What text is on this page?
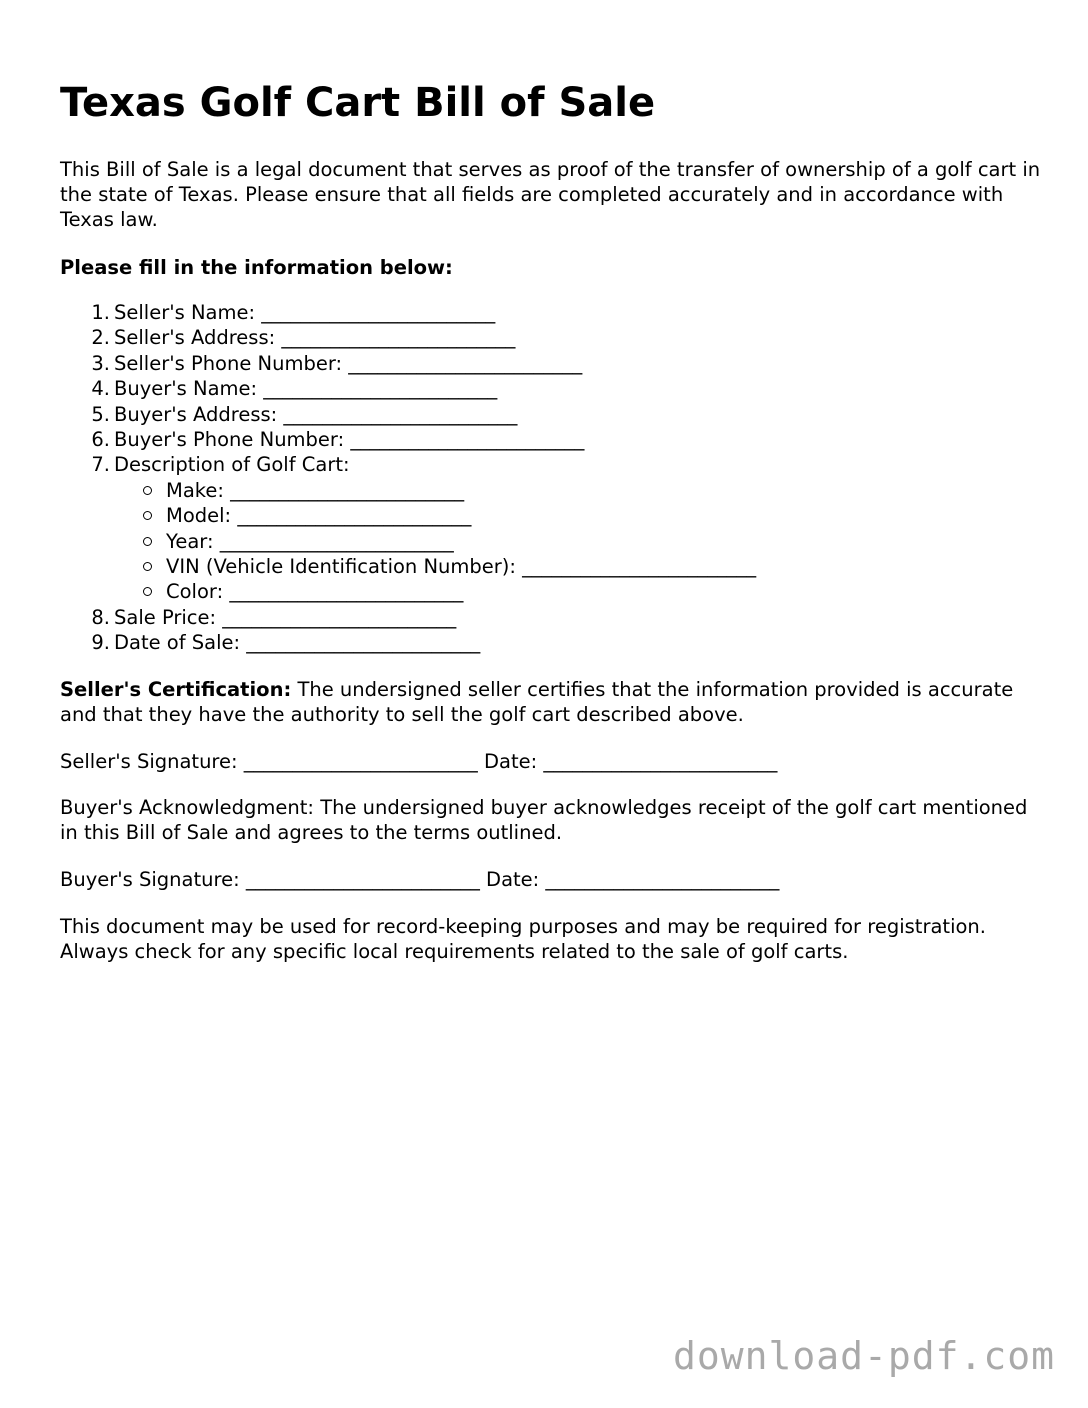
Texas Golf Cart Bill of Sale

This Bill of Sale is a legal document that serves as proof of the transfer of ownership of a golf cart in the state of Texas. Please ensure that all fields are completed accurately and in accordance with Texas law.

Please fill in the information below:

1. Seller's Name: ________________________
2. Seller's Address: ________________________
3. Seller's Phone Number: ________________________
4. Buyer's Name: ________________________
5. Buyer's Address: ________________________
6. Buyer's Phone Number: ________________________
7. Description of Golf Cart:
Make: ________________________
Model: ________________________
Year: ________________________
VIN (Vehicle Identification Number): ________________________
Color: ________________________
8. Sale Price: ________________________
9. Date of Sale: ________________________

Seller's Certification: The undersigned seller certifies that the information provided is accurate and that they have the authority to sell the golf cart described above.

Seller's Signature: ________________________ Date: ________________________

Buyer's Acknowledgment: The undersigned buyer acknowledges receipt of the golf cart mentioned in this Bill of Sale and agrees to the terms outlined.

Buyer's Signature: ________________________ Date: ________________________

This document may be used for record-keeping purposes and may be required for registration. Always check for any specific local requirements related to the sale of golf carts.

download-pdf.com
